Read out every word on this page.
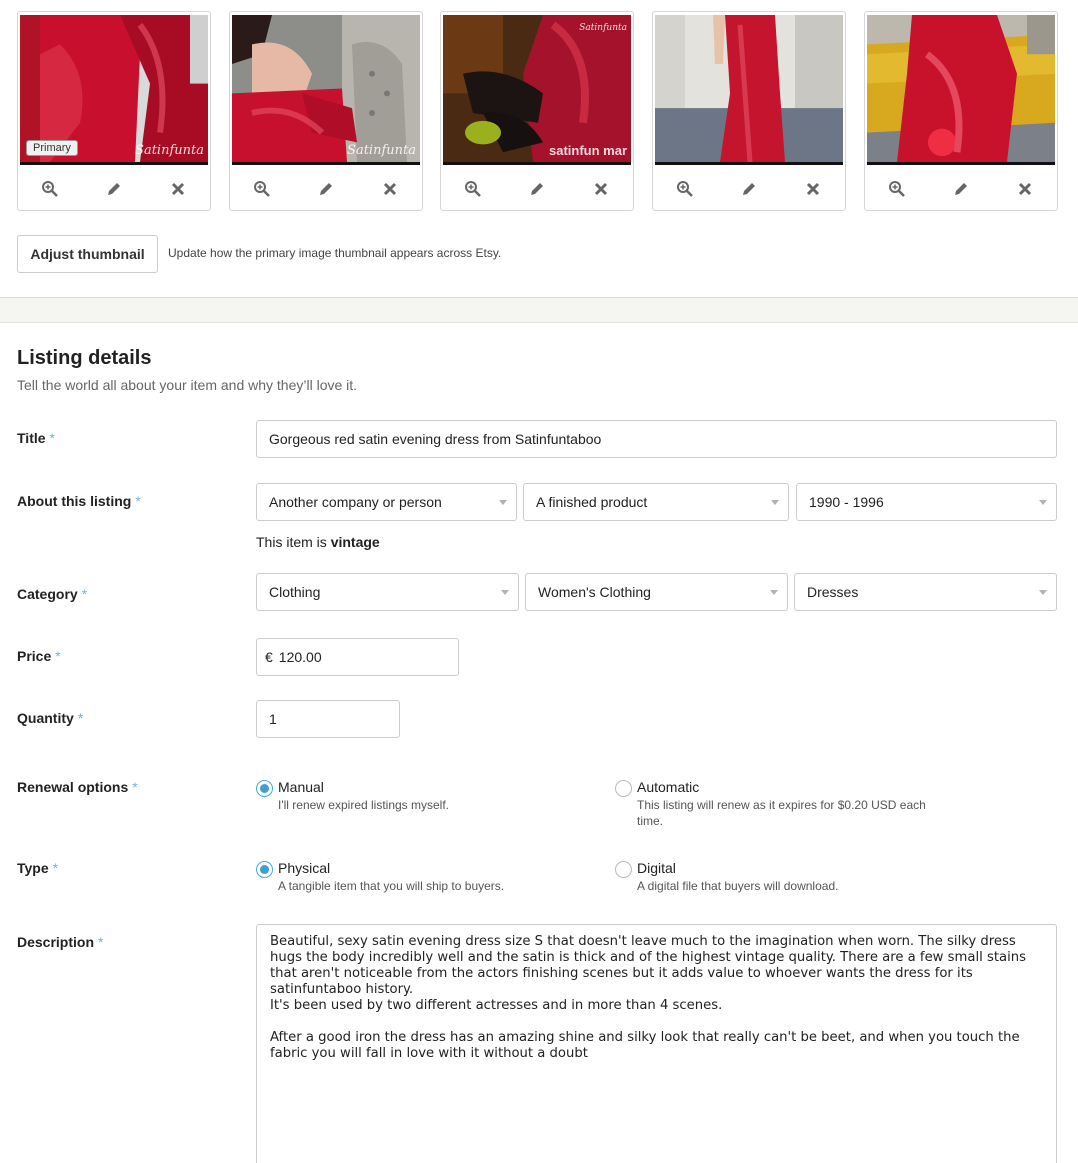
Satinfunta
Primary	Satinfunta
Satinfunta
satinfun mar
Adjust thumbnail	Update how the primary image thumbnail appears across Etsy.
Listing details

Tell the world all about your item and why they’ll love it.

Title *	Gorgeous red satin evening dress from Satinfuntaboo
About this listing *	Another company or person	A finished product	1990 - 1996
This item is vintage
Category *	Clothing	Women's Clothing	Dresses
Price *	€ 120.00
Quantity *	1
Renewal options *	Manual
I'll renew expired listings myself.
Automatic
This listing will renew as it expires for $0.20 USD each time.
Type *	Physical
A tangible item that you will ship to buyers.
Digital
A digital file that buyers will download.
Description *	Beautiful, sexy satin evening dress size S that doesn't leave much to the imagination when worn. The silky dress hugs the body incredibly well and the satin is thick and of the highest vintage quality. There are a few small stains that aren't noticeable from the actors finishing scenes but it adds value to whoever wants the dress for its satinfuntaboo history.
It's been used by two different actresses and in more than 4 scenes.

After a good iron the dress has an amazing shine and silky look that really can't be beet, and when you touch the fabric you will fall in love with it without a doubt
